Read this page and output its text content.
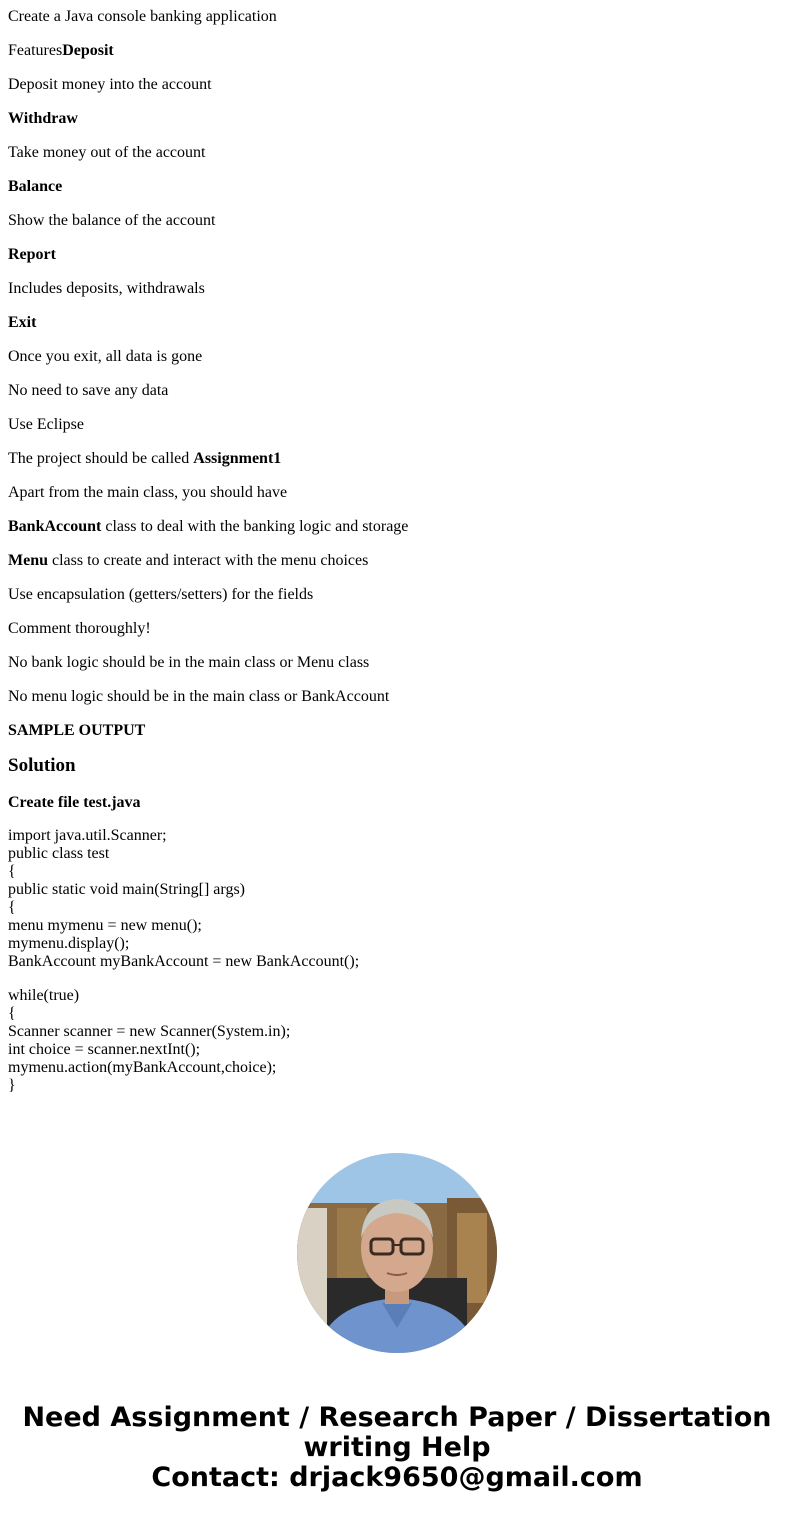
Create a Java console banking application

FeaturesDeposit

Deposit money into the account

Withdraw

Take money out of the account

Balance

Show the balance of the account

Report

Includes deposits, withdrawals

Exit

Once you exit, all data is gone

No need to save any data

Use Eclipse

The project should be called Assignment1

Apart from the main class, you should have

BankAccount class to deal with the banking logic and storage

Menu class to create and interact with the menu choices

Use encapsulation (getters/setters) for the fields

Comment thoroughly!

No bank logic should be in the main class or Menu class

No menu logic should be in the main class or BankAccount

SAMPLE OUTPUT

Solution
Create file test.java
import java.util.Scanner;
public class test
{
public static void main(String[] args)
{
menu mymenu = new menu();
mymenu.display();
BankAccount myBankAccount = new BankAccount();
while(true)
{
Scanner scanner = new Scanner(System.in);
int choice = scanner.nextInt();
mymenu.action(myBankAccount,choice);
}
Need Assignment / Research Paper / Dissertation
writing Help
Contact: drjack9650@gmail.com
